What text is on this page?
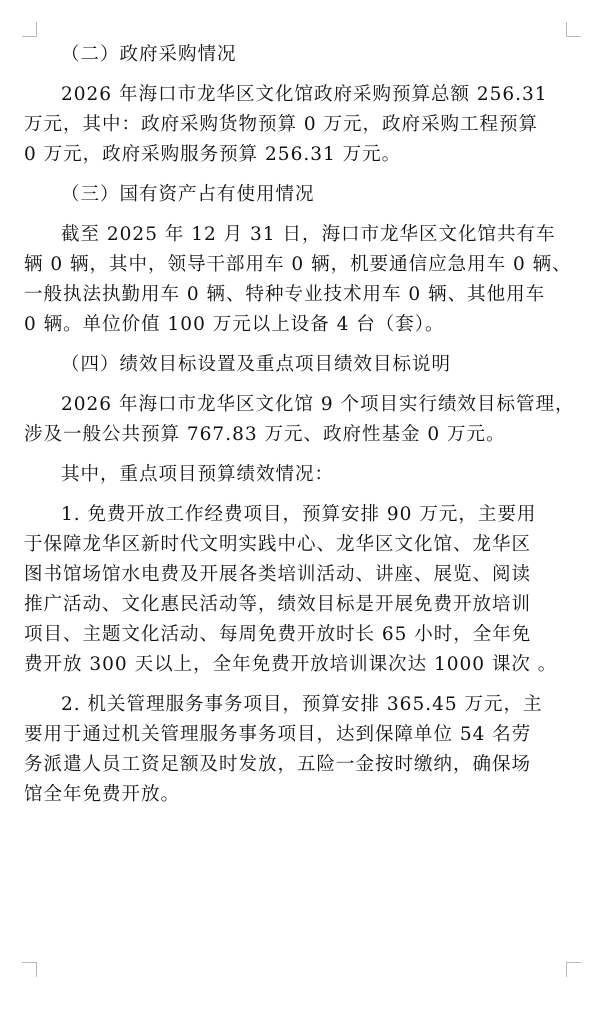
（二）政府采购情况
2026 年海口市龙华区文化馆政府采购预算总额 256.31
万元，其中：政府采购货物预算 0 万元，政府采购工程预算
0 万元，政府采购服务预算 256.31 万元。
（三）国有资产占有使用情况
截至 2025 年 12 月 31 日，海口市龙华区文化馆共有车
辆 0 辆，其中，领导干部用车 0 辆，机要通信应急用车 0 辆、
一般执法执勤用车 0 辆、特种专业技术用车 0 辆、其他用车
0 辆。单位价值 100 万元以上设备 4 台（套）。
（四）绩效目标设置及重点项目绩效目标说明
2026 年海口市龙华区文化馆 9 个项目实行绩效目标管理，
涉及一般公共预算 767.83 万元、政府性基金 0 万元。
其中，重点项目预算绩效情况：
1. 免费开放工作经费项目，预算安排 90 万元，主要用
于保障龙华区新时代文明实践中心、龙华区文化馆、龙华区
图书馆场馆水电费及开展各类培训活动、讲座、展览、阅读
推广活动、文化惠民活动等，绩效目标是开展免费开放培训
项目、主题文化活动、每周免费开放时长 65 小时，全年免
费开放 300 天以上，全年免费开放培训课次达 1000 课次 。
2. 机关管理服务事务项目，预算安排 365.45 万元，主
要用于通过机关管理服务事务项目，达到保障单位 54 名劳
务派遣人员工资足额及时发放，五险一金按时缴纳，确保场
馆全年免费开放。
